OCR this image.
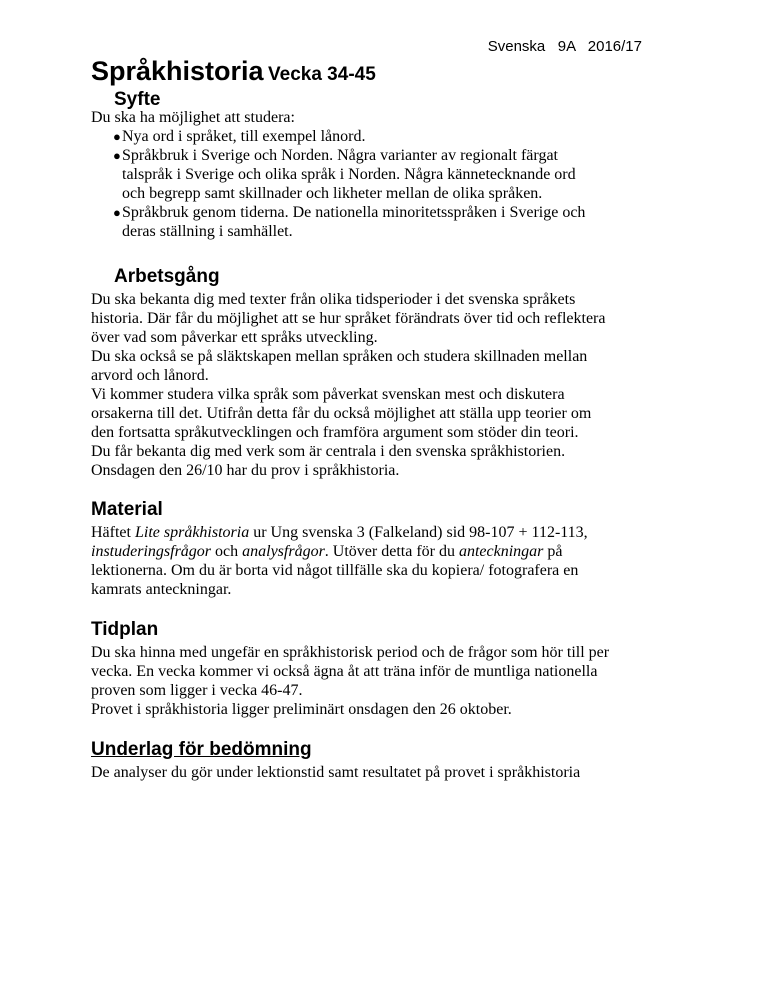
Svenska   9A   2016/17
Språkhistoria Vecka 34-45
Syfte

Du ska ha möjlighet att studera:

● Nya ord i språket, till exempel lånord.
● Språkbruk i Sverige och Norden. Några varianter av regionalt färgat
talspråk i Sverige och olika språk i Norden. Några kännetecknande ord
och begrepp samt skillnader och likheter mellan de olika språken.
● Språkbruk genom tiderna. De nationella minoritetsspråken i Sverige och
deras ställning i samhället.
Arbetsgång
Du ska bekanta dig med texter från olika tidsperioder i det svenska språkets
historia. Där får du möjlighet att se hur språket förändrats över tid och reflektera
över vad som påverkar ett språks utveckling.
Du ska också se på släktskapen mellan språken och studera skillnaden mellan
arvord och lånord.
Vi kommer studera vilka språk som påverkat svenskan mest och diskutera
orsakerna till det. Utifrån detta får du också möjlighet att ställa upp teorier om
den fortsatta språkutvecklingen och framföra argument som stöder din teori.
Du får bekanta dig med verk som är centrala i den svenska språkhistorien.
Onsdagen den 26/10 har du prov i språkhistoria.
Material
Häftet Lite språkhistoria ur Ung svenska 3 (Falkeland) sid 98-107 + 112-113,
instuderingsfrågor och analysfrågor. Utöver detta för du anteckningar på
lektionerna. Om du är borta vid något tillfälle ska du kopiera/ fotografera en
kamrats anteckningar.
Tidplan
Du ska hinna med ungefär en språkhistorisk period och de frågor som hör till per
vecka. En vecka kommer vi också ägna åt att träna inför de muntliga nationella
proven som ligger i vecka 46-47.
Provet i språkhistoria ligger preliminärt onsdagen den 26 oktober.
Underlag för bedömning
De analyser du gör under lektionstid samt resultatet på provet i språkhistoria
